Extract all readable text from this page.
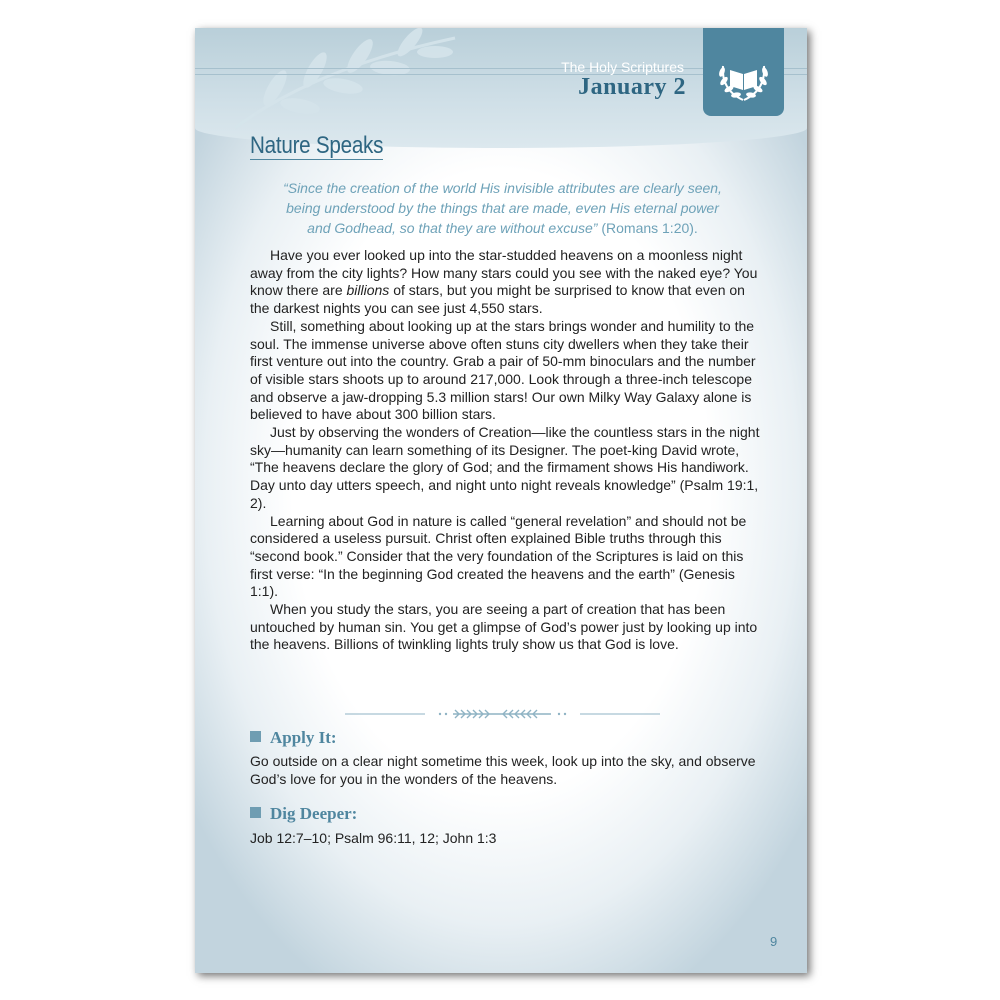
The Holy Scriptures
January 2
Nature Speaks
“Since the creation of the world His invisible attributes are clearly seen, being understood by the things that are made, even His eternal power and Godhead, so that they are without excuse” (Romans 1:20).

Have you ever looked up into the star-studded heavens on a moonless night away from the city lights? How many stars could you see with the naked eye? You know there are billions of stars, but you might be surprised to know that even on the darkest nights you can see just 4,550 stars.

Still, something about looking up at the stars brings wonder and humility to the soul. The immense universe above often stuns city dwellers when they take their first venture out into the country. Grab a pair of 50-mm binoculars and the number of visible stars shoots up to around 217,000. Look through a three-inch telescope and observe a jaw-dropping 5.3 million stars! Our own Milky Way Galaxy alone is believed to have about 300 billion stars.

Just by observing the wonders of Creation—like the countless stars in the night sky—humanity can learn something of its Designer. The poet-king David wrote, “The heavens declare the glory of God; and the firmament shows His handiwork. Day unto day utters speech, and night unto night reveals knowledge” (Psalm 19:1, 2).

Learning about God in nature is called “general revelation” and should not be considered a useless pursuit. Christ often explained Bible truths through this “second book.” Consider that the very foundation of the Scriptures is laid on this first verse: “In the beginning God created the heavens and the earth” (Genesis 1:1).

When you study the stars, you are seeing a part of creation that has been untouched by human sin. You get a glimpse of God’s power just by looking up into the heavens. Billions of twinkling lights truly show us that God is love.

Apply It:
Go outside on a clear night sometime this week, look up into the sky, and observe God’s love for you in the wonders of the heavens.
Dig Deeper:
Job 12:7–10; Psalm 96:11, 12; John 1:3
9
